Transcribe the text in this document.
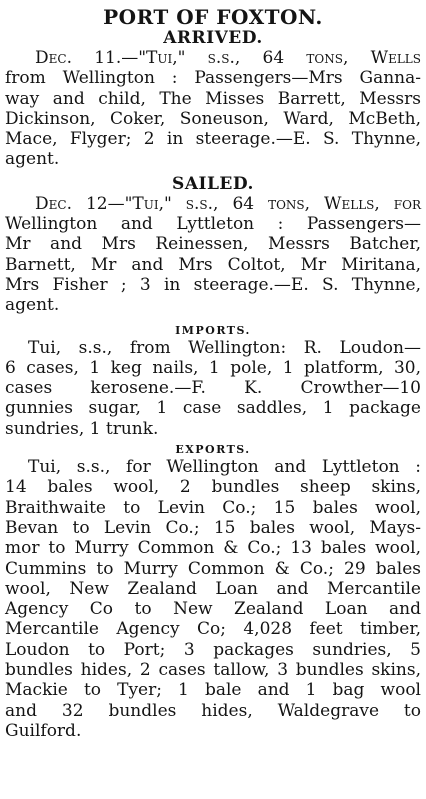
PORT OF FOXTON.
ARRIVED.
Dec. 11.—"Tui," s.s., 64 tons, Wells
from Wellington : Passengers—Mrs Ganna-
way and child, The Misses Barrett, Messrs
Dickinson, Coker, Soneuson, Ward, McBeth,
Mace, Flyger; 2 in steerage.—E. S. Thynne,
agent.
SAILED.
Dec. 12—"Tui," s.s., 64 tons, Wells, for
Wellington and Lyttleton : Passengers—
Mr and Mrs Reinessen, Messrs Batcher,
Barnett, Mr and Mrs Coltot, Mr Miritana,
Mrs Fisher ; 3 in steerage.—E. S. Thynne,
agent.
IMPORTS.
Tui, s.s., from Wellington: R. Loudon—
6 cases, 1 keg nails, 1 pole, 1 platform, 30,
cases kerosene.—F. K. Crowther—10
gunnies sugar, 1 case saddles, 1 package
sundries, 1 trunk.
EXPORTS.
Tui, s.s., for Wellington and Lyttleton :
14 bales wool, 2 bundles sheep skins,
Braithwaite to Levin Co.; 15 bales wool,
Bevan to Levin Co.; 15 bales wool, Mays-
mor to Murry Common & Co.; 13 bales wool,
Cummins to Murry Common & Co.; 29 bales
wool, New Zealand Loan and Mercantile
Agency Co to New Zealand Loan and
Mercantile Agency Co; 4,028 feet timber,
Loudon to Port; 3 packages sundries, 5
bundles hides, 2 cases tallow, 3 bundles skins,
Mackie to Tyer; 1 bale and 1 bag wool
and 32 bundles hides, Waldegrave to
Guilford.
